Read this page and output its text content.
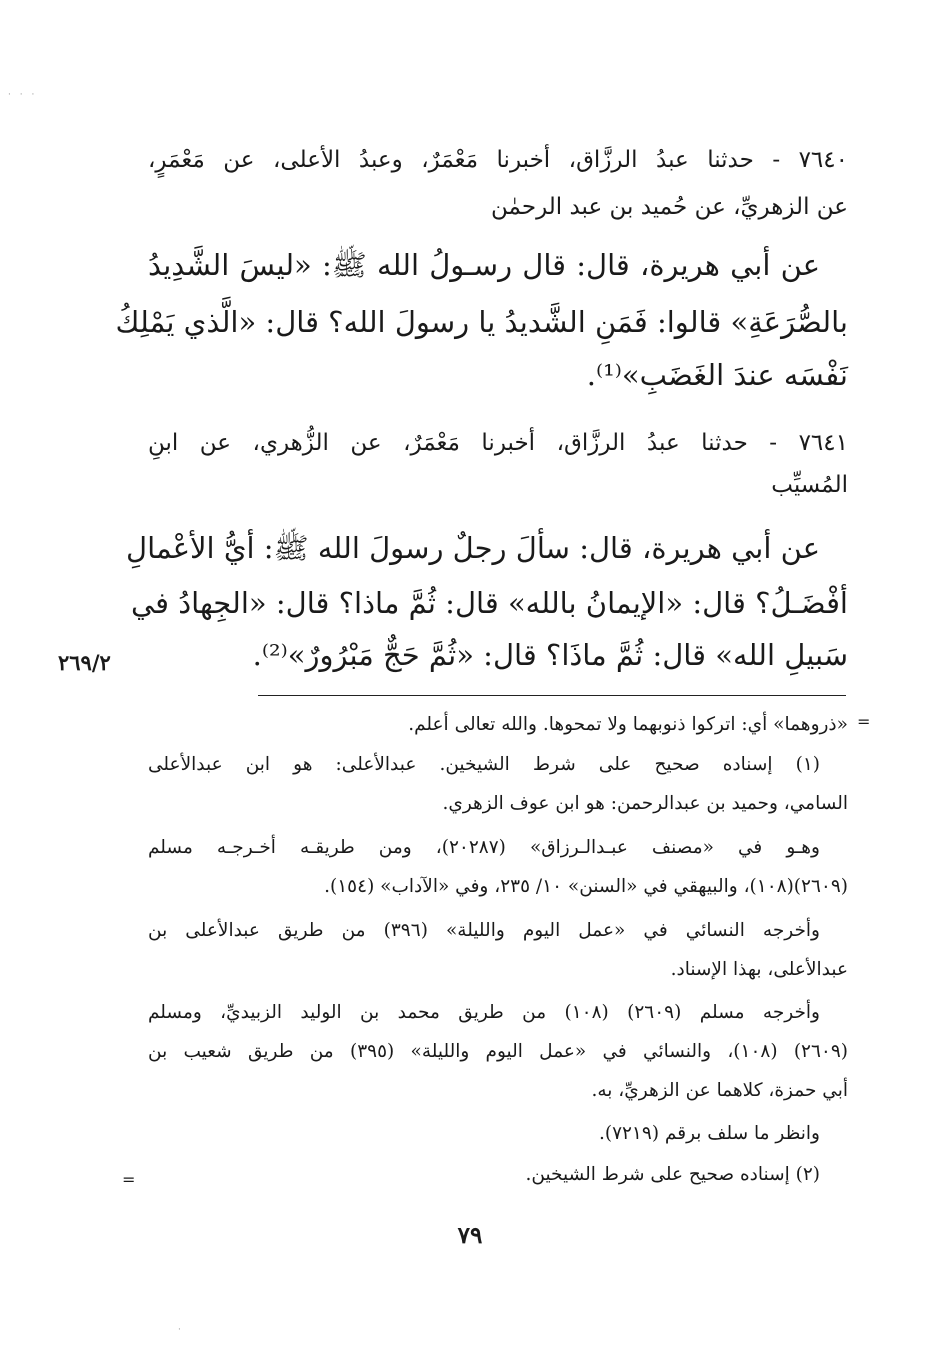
· · ·
٧٦٤٠ - حدثنا عبدُ الرزَّاق، أخبرنا مَعْمَرٌ، وعبدُ الأعلى، عن مَعْمَرٍ،
عن الزهريِّ، عن حُميد بن عبد الرحمٰن
عن أبي هريرة، قال: قال رسـولُ الله ﷺ: «ليسَ الشَّدِيدُ
بالصُّرَعَةِ» قالوا: فَمَنِ الشَّديدُ يا رسولَ الله؟ قال: «الَّذي يَمْلِكُ
نَفْسَه عندَ الغَضَبِ»⁽¹⁾.
٧٦٤١ - حدثنا عبدُ الرزَّاق، أخبرنا مَعْمَرٌ، عن الزُّهري، عن ابنِ
المُسيِّب
عن أبي هريرة، قال: سألَ رجلٌ رسولَ الله ﷺ: أيُّ الأعْمالِ
أفْضَـلُ؟ قال: «الإيمانُ بالله» قال: ثُمَّ ماذا؟ قال: «الجِهادُ في
سَبيلِ الله» قال: ثُمَّ ماذَا؟ قال: «ثُمَّ حَجٌّ مَبْرُورٌ»⁽²⁾.
٢٦٩/٢
=
«ذروهما» أي: اتركوا ذنوبهما ولا تمحوها. والله تعالى أعلم.
(١) إسناده صحيح على شرط الشيخين. عبدالأعلى: هو ابن عبدالأعلى
السامي، وحميد بن عبدالرحمن: هو ابن عوف الزهري.
وهـو في «مصنف عبـدالـرزاق» (٢٠٢٨٧)، ومن طريقـه أخـرجـه مسلم
(٢٦٠٩)(١٠٨)، والبيهقي في «السنن» ١٠/ ٢٣٥، وفي «الآداب» (١٥٤).
وأخرجه النسائي في «عمل اليوم والليلة» (٣٩٦) من طريق عبدالأعلى بن
عبدالأعلى، بهذا الإسناد.
وأخرجه مسلم (٢٦٠٩) (١٠٨) من طريق محمد بن الوليد الزبيديِّ، ومسلم
(٢٦٠٩) (١٠٨)، والنسائي في «عمل اليوم والليلة» (٣٩٥) من طريق شعيب بن
أبي حمزة، كلاهما عن الزهريِّ، به.
وانظر ما سلف برقم (٧٢١٩).
=	(٢) إسناده صحيح على شرط الشيخين.
٧٩
·
